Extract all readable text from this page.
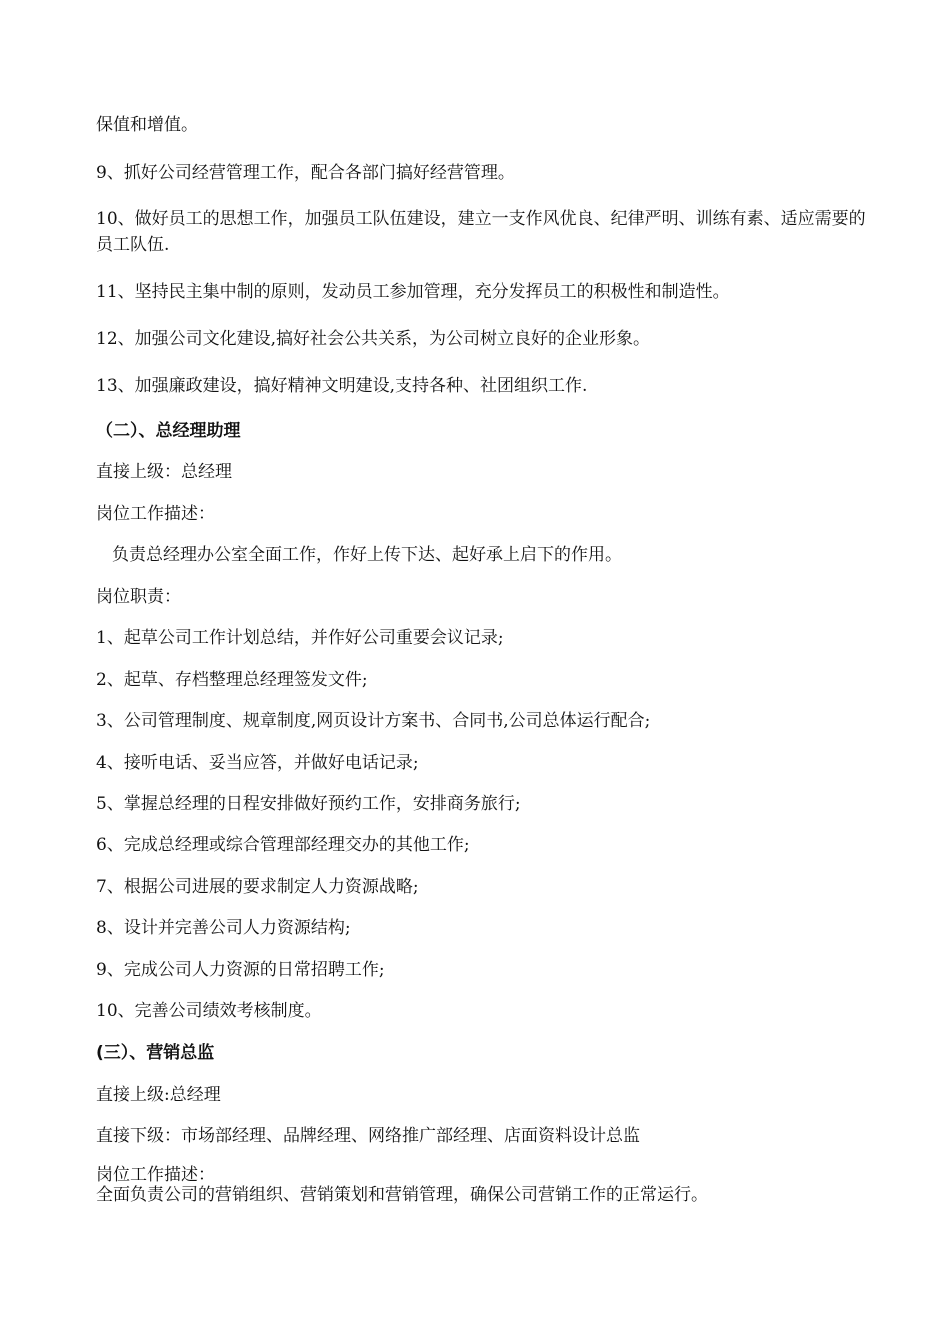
保值和增值。
9、抓好公司经营管理工作，配合各部门搞好经营管理。
10、做好员工的思想工作，加强员工队伍建设，建立一支作风优良、纪律严明、训练有素、适应需要的员工队伍.
11、坚持民主集中制的原则，发动员工参加管理，充分发挥员工的积极性和制造性。
12、加强公司文化建设,搞好社会公共关系，为公司树立良好的企业形象。
13、加强廉政建设，搞好精神文明建设,支持各种、社团组织工作.
（二）、总经理助理
直接上级：总经理
岗位工作描述：
负责总经理办公室全面工作，作好上传下达、起好承上启下的作用。
岗位职责：
1、起草公司工作计划总结，并作好公司重要会议记录;
2、起草、存档整理总经理签发文件;
3、公司管理制度、规章制度,网页设计方案书、合同书,公司总体运行配合;
4、接听电话、妥当应答，并做好电话记录;
5、掌握总经理的日程安排做好预约工作，安排商务旅行;
6、完成总经理或综合管理部经理交办的其他工作;
7、根据公司进展的要求制定人力资源战略;
8、设计并完善公司人力资源结构;
9、完成公司人力资源的日常招聘工作;
10、完善公司绩效考核制度。
(三）、营销总监
直接上级:总经理
直接下级：市场部经理、品牌经理、网络推广部经理、店面资料设计总监
岗位工作描述：
全面负责公司的营销组织、营销策划和营销管理，确保公司营销工作的正常运行。
